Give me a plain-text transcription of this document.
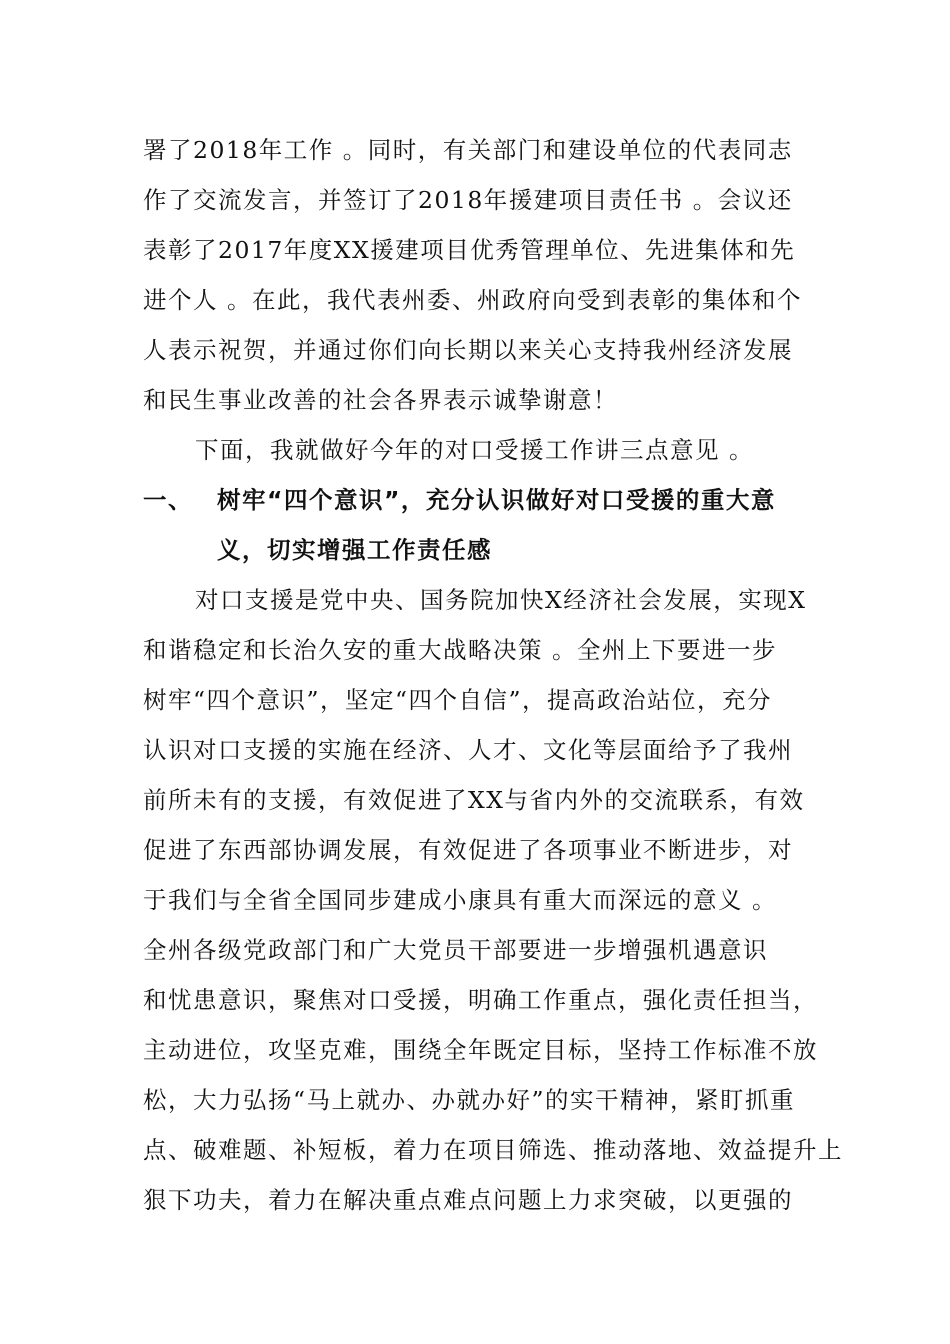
署了2018年工作 。同时，有关部门和建设单位的代表同志
作了交流发言，并签订了2018年援建项目责任书 。会议还
表彰了2017年度XX援建项目优秀管理单位、先进集体和先
进个人 。在此，我代表州委、州政府向受到表彰的集体和个
人表示祝贺，并通过你们向长期以来关心支持我州经济发展
和民生事业改善的社会各界表示诚挚谢意！
下面，我就做好今年的对口受援工作讲三点意见 。
一、 树牢“四个意识”，充分认识做好对口受援的重大意
义，切实增强工作责任感
对口支援是党中央、国务院加快X经济社会发展，实现X
和谐稳定和长治久安的重大战略决策 。全州上下要进一步
树牢“四个意识”，坚定“四个自信”，提高政治站位，充分
认识对口支援的实施在经济、人才、文化等层面给予了我州
前所未有的支援，有效促进了XX与省内外的交流联系，有效
促进了东西部协调发展，有效促进了各项事业不断进步，对
于我们与全省全国同步建成小康具有重大而深远的意义 。
全州各级党政部门和广大党员干部要进一步增强机遇意识
和忧患意识，聚焦对口受援，明确工作重点，强化责任担当，
主动进位，攻坚克难，围绕全年既定目标，坚持工作标准不放
松，大力弘扬“马上就办、办就办好”的实干精神，紧盯抓重
点、破难题、补短板，着力在项目筛选、推动落地、效益提升上
狠下功夫，着力在解决重点难点问题上力求突破，以更强的
